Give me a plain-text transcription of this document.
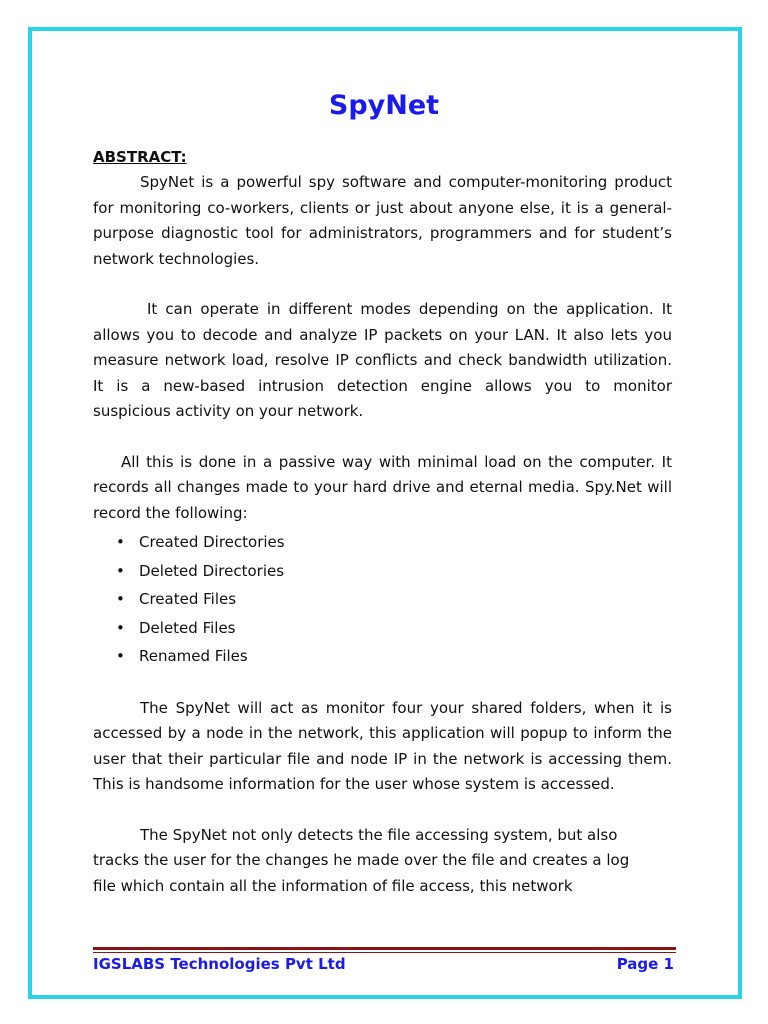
SpyNet
ABSTRACT:

SpyNet is a powerful spy software and computer-monitoring product for monitoring co-workers, clients or just about anyone else, it is a general-purpose diagnostic tool for administrators, programmers and for student’s network technologies.

It can operate in different modes depending on the application. It allows you to decode and analyze IP packets on your LAN. It also lets you measure network load, resolve IP conflicts and check bandwidth utilization. It is a new-based intrusion detection engine allows you to monitor suspicious activity on your network.

All this is done in a passive way with minimal load on the computer. It records all changes made to your hard drive and eternal media. Spy.Net will record the following:

• Created Directories
• Deleted Directories
• Created Files
• Deleted Files
• Renamed Files

The SpyNet will act as monitor four your shared folders, when it is accessed by a node in the network, this application will popup to inform the user that their particular file and node IP in the network is accessing them. This is handsome information for the user whose system is accessed.

The SpyNet not only detects the file accessing system, but also
tracks the user for the changes he made over the file and creates a log
file which contain all the information of file access, this network
IGSLABS Technologies Pvt Ltd	Page 1
